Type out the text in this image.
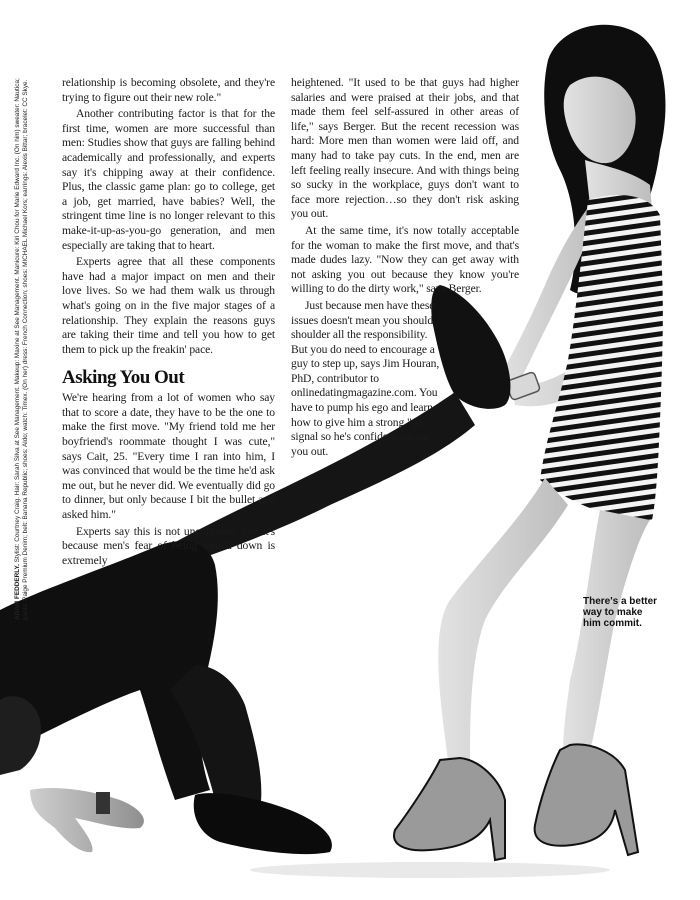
ADAM FEDDERLY. Stylist: Courtney Craig. Hair: Sarah Silva at See Management. Makeup: Maxine at See Management. Manicure: Kiri Chou for Marie Edward Inc. (On him) sweater: Nautica; pants: Paige Premium Denim; belt: Banana Republic; shoes: Aldo; watch: Timex. (On her) dress: French Connection; shoes: MICHAEL Michael Kors; earrings: Alexis Bittar; bracelet: CC Skye.	relationship is becoming obsolete, and they're trying to figure out their new role."

Another contributing factor is that for the first time, women are more successful than men: Studies show that guys are falling behind academically and professionally, and experts say it's chipping away at their confidence. Plus, the classic game plan: go to college, get a job, get married, have babies? Well, the stringent time line is no longer relevant to this make-it-up-as-you-go generation, and men especially are taking that to heart.

Experts agree that all these components have had a major impact on men and their love lives. So we had them walk us through what's going on in the five major stages of a relationship. They explain the reasons guys are taking their time and tell you how to get them to pick up the freakin' pace.

Asking You Out

We're hearing from a lot of women who say that to score a date, they have to be the one to make the first move. "My friend told me her boyfriend's roommate thought I was cute," says Cait, 25. "Every time I ran into him, I was convinced that would be the time he'd ask me out, but he never did. We eventually did go to dinner, but only because I bit the bullet and asked him."

Experts say this is not uncommon, and it's because men's fear of being turned down is extremely

heightened. "It used to be that guys had higher salaries and were praised at their jobs, and that made them feel self-assured in other areas of life," says Berger. But the recent recession was hard: More men than women were laid off, and many had to take pay cuts. In the end, men are left feeling really insecure. And with things being so sucky in the workplace, guys don't want to face more rejection…so they don't risk asking you out.

At the same time, it's now totally acceptable for the woman to make the first move, and that's made dudes lazy. "Now they can get away with not asking you out because they know you're willing to do the dirty work," says Berger.

Just because men have these issues doesn't mean you should shoulder all the responsibility. But you do need to encourage a guy to step up, says Jim Houran, PhD, contributor to onlinedatingmagazine.com. You have to pump his ego and learn how to give him a strong "go" signal so he's confident asking you out.

There's a better way to make him commit.
